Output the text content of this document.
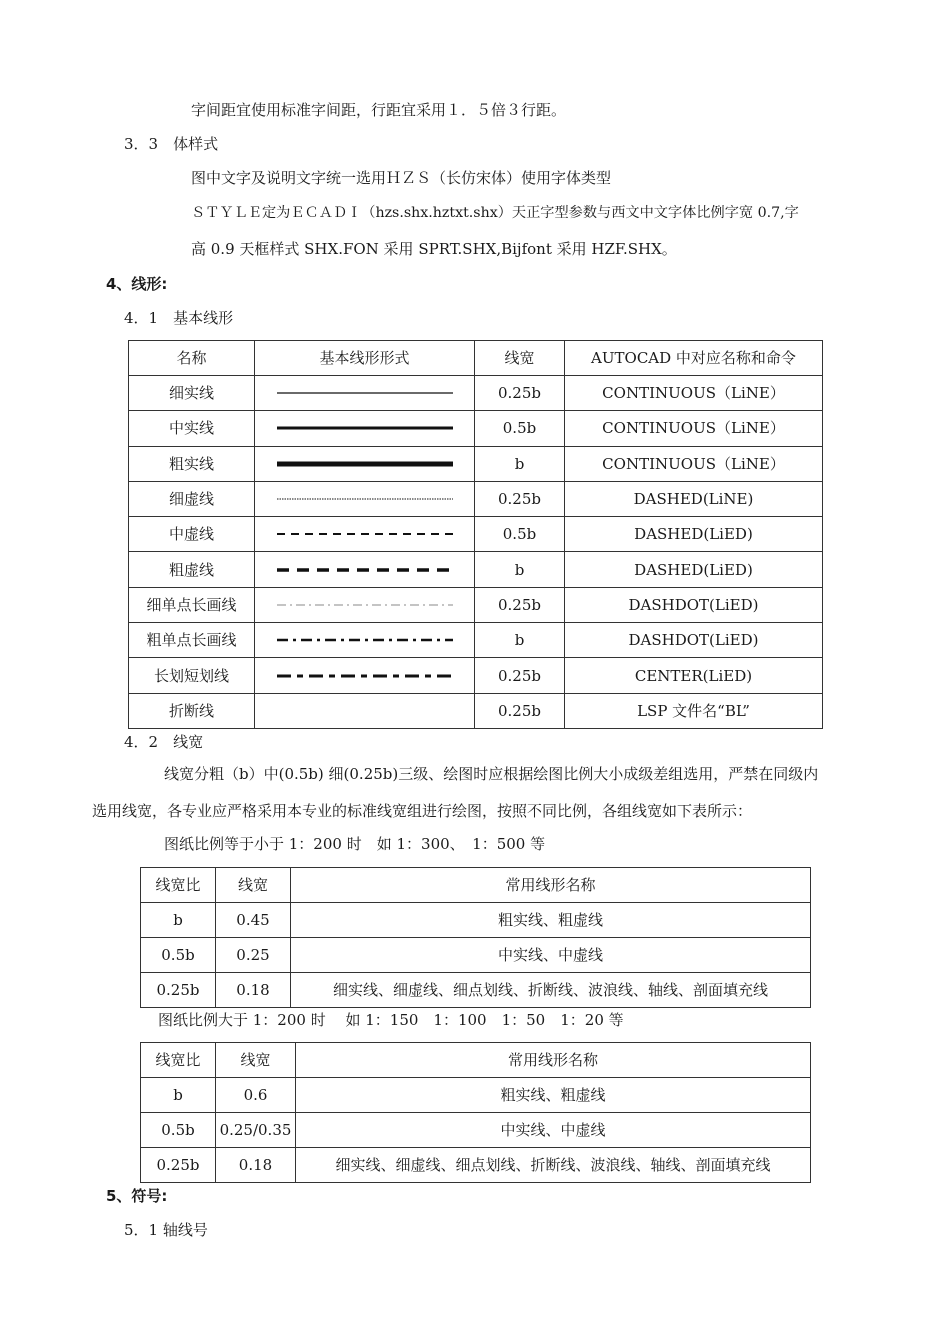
字间距宜使用标准字间距，行距宜采用１．５倍３行距。
3．3　体样式
图中文字及说明文字统一选用ＨＺＳ（长仿宋体）使用字体类型
ＳＴＹＬＥ定为ＥＣＡＤＩ（hzs.shx.hztxt.shx）天正字型参数与西文中文字体比例字宽 0.7,字
高 0.9 天框样式 SHX.FON 采用 SPRT.SHX,Bijfont 采用 HZF.SHX。
4、线形:
4．1　基本线形
名称	基本线形形式	线宽	AUTOCAD 中对应名称和命令
细实线		0.25b	CONTINUOUS（LiNE）
中实线		0.5b	CONTINUOUS（LiNE）
粗实线		b	CONTINUOUS（LiNE）
细虚线		0.25b	DASHED(LiNE)
中虚线		0.5b	DASHED(LiED)
粗虚线		b	DASHED(LiED)
细单点长画线		0.25b	DASHDOT(LiED)
粗单点长画线		b	DASHDOT(LiED)
长划短划线		0.25b	CENTER(LiED)
折断线		0.25b	LSP 文件名“BL”
4．2　线宽
线宽分粗（b）中(0.5b) 细(0.25b)三级、绘图时应根据绘图比例大小成级差组选用，严禁在同级内
选用线宽，各专业应严格采用本专业的标准线宽组进行绘图，按照不同比例，各组线宽如下表所示：
图纸比例等于小于 1：200 时　如 1：300、　1：500 等
线宽比	线宽	常用线形名称
b	0.45	粗实线、粗虚线
0.5b	0.25	中实线、中虚线
0.25b	0.18	细实线、细虚线、细点划线、折断线、波浪线、轴线、剖面填充线
图纸比例大于 1：200 时　 如 1：150　1：100　1：50　1：20 等
线宽比	线宽	常用线形名称
b	0.6	粗实线、粗虚线
0.5b	0.25/0.35	中实线、中虚线
0.25b	0.18	细实线、细虚线、细点划线、折断线、波浪线、轴线、剖面填充线
5、符号:
5．1 轴线号
